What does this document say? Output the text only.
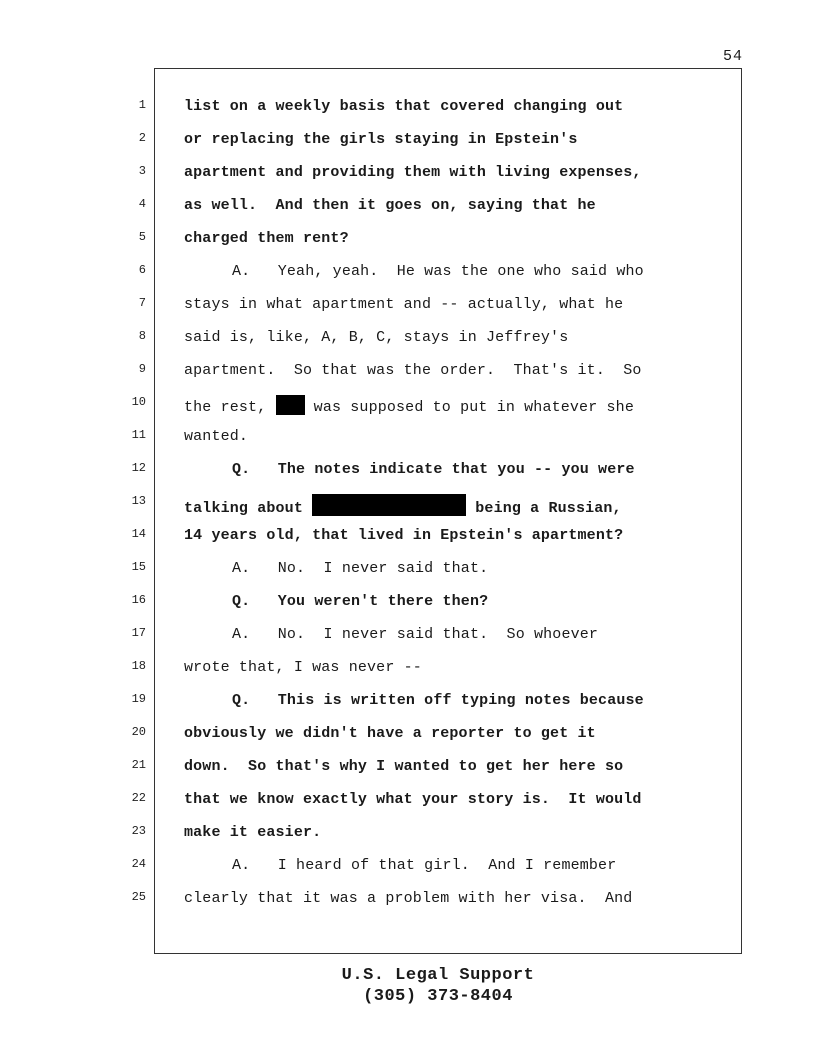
54
1
2
3
4
5
6
7
8
9
10
11
12
13
14
15
16
17
18
19
20
21
22
23
24
25
list on a weekly basis that covered changing out
or replacing the girls staying in Epstein's
apartment and providing them with living expenses,
as well.  And then it goes on, saying that he
charged them rent?
A.   Yeah, yeah.  He was the one who said who
stays in what apartment and -- actually, what he
said is, like, A, B, C, stays in Jeffrey's
apartment.  So that was the order.  That's it.  So
the rest,  was supposed to put in whatever she
wanted.
Q.   The notes indicate that you -- you were
talking about	being a Russian,
14 years old, that lived in Epstein's apartment?
A.   No.  I never said that.
Q.   You weren't there then?
A.   No.  I never said that.  So whoever
wrote that, I was never --
Q.   This is written off typing notes because
obviously we didn't have a reporter to get it
down.  So that's why I wanted to get her here so
that we know exactly what your story is.  It would
make it easier.
A.   I heard of that girl.  And I remember
clearly that it was a problem with her visa.  And
U.S. Legal Support
(305) 373-8404
